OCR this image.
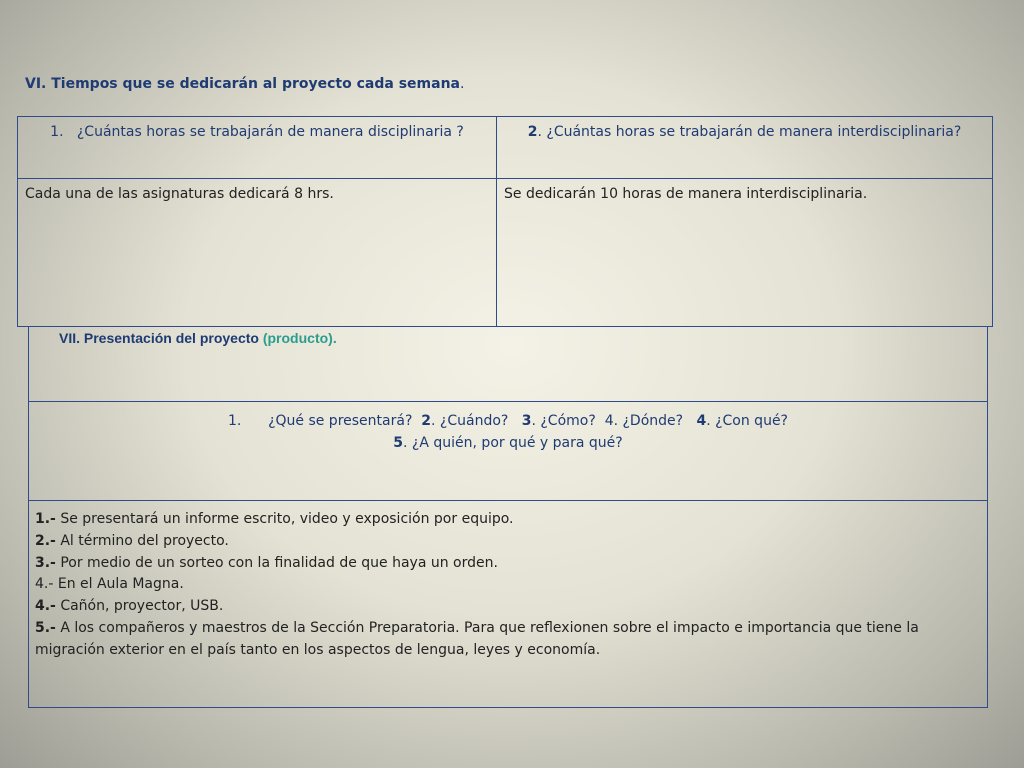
VI. Tiempos que se dedicarán al proyecto cada semana.
1. ¿Cuántas horas se trabajarán de manera disciplinaria ?	2. ¿Cuántas horas se trabajarán de manera interdisciplinaria?
Cada una de las asignaturas dedicará 8 hrs.	Se dedicarán 10 horas de manera interdisciplinaria.
VII. Presentación del proyecto (producto).
1. ¿Qué se presentará? 2. ¿Cuándo? 3. ¿Cómo? 4. ¿Dónde? 4. ¿Con qué?
5. ¿A quién, por qué y para qué?

1.- Se presentará un informe escrito, video y exposición por equipo.
2.- Al término del proyecto.
3.- Por medio de un sorteo con la finalidad de que haya un orden.
4.- En el Aula Magna.
4.- Cañón, proyector, USB.
5.- A los compañeros y maestros de la Sección Preparatoria. Para que reflexionen sobre el impacto e importancia que tiene la migración exterior en el país tanto en los aspectos de lengua, leyes y economía.
